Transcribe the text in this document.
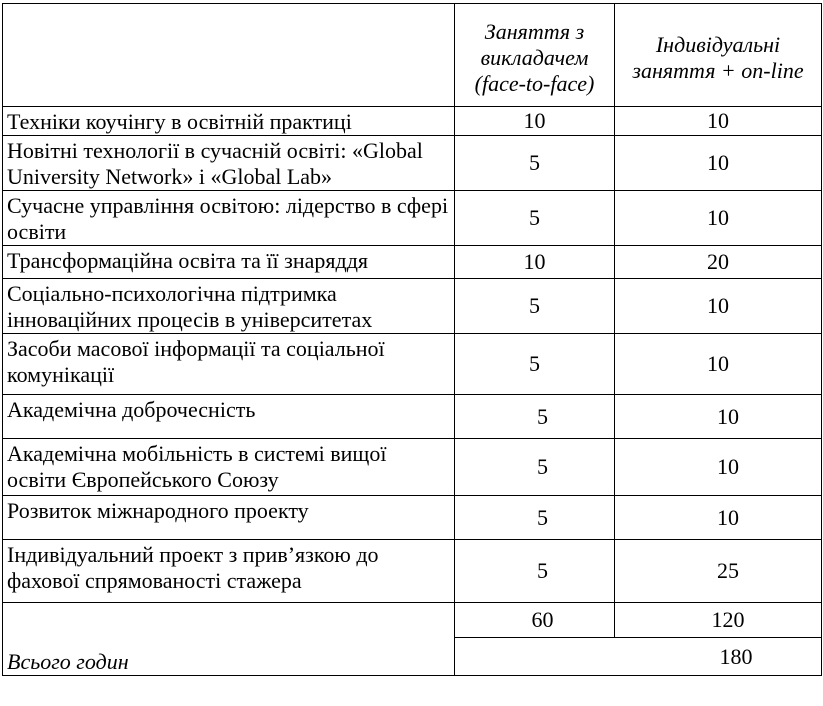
	Заняття з викладачем (face-to-face)	Індивідуальні заняття + on-line
Техніки коучінгу в освітній практиці	10	10
Новітні технології в сучасній освіті: «Global University Network» і «Global Lab»	5	10
Сучасне управління освітою: лідерство в сфері освіти	5	10
Трансформаційна освіта та її знаряддя	10	20
Соціально-психологічна підтримка інноваційних процесів в університетах	5	10
Засоби масової інформації та соціальної комунікації	5	10
Академічна доброчесність	5	10
Академічна мобільність в системі вищої освіти Європейського Союзу	5	10
Розвиток міжнародного проекту	5	10
Індивідуальний проект з прив’язкою до фахової спрямованості стажера	5	25
Всього годин	60	120
	180	
